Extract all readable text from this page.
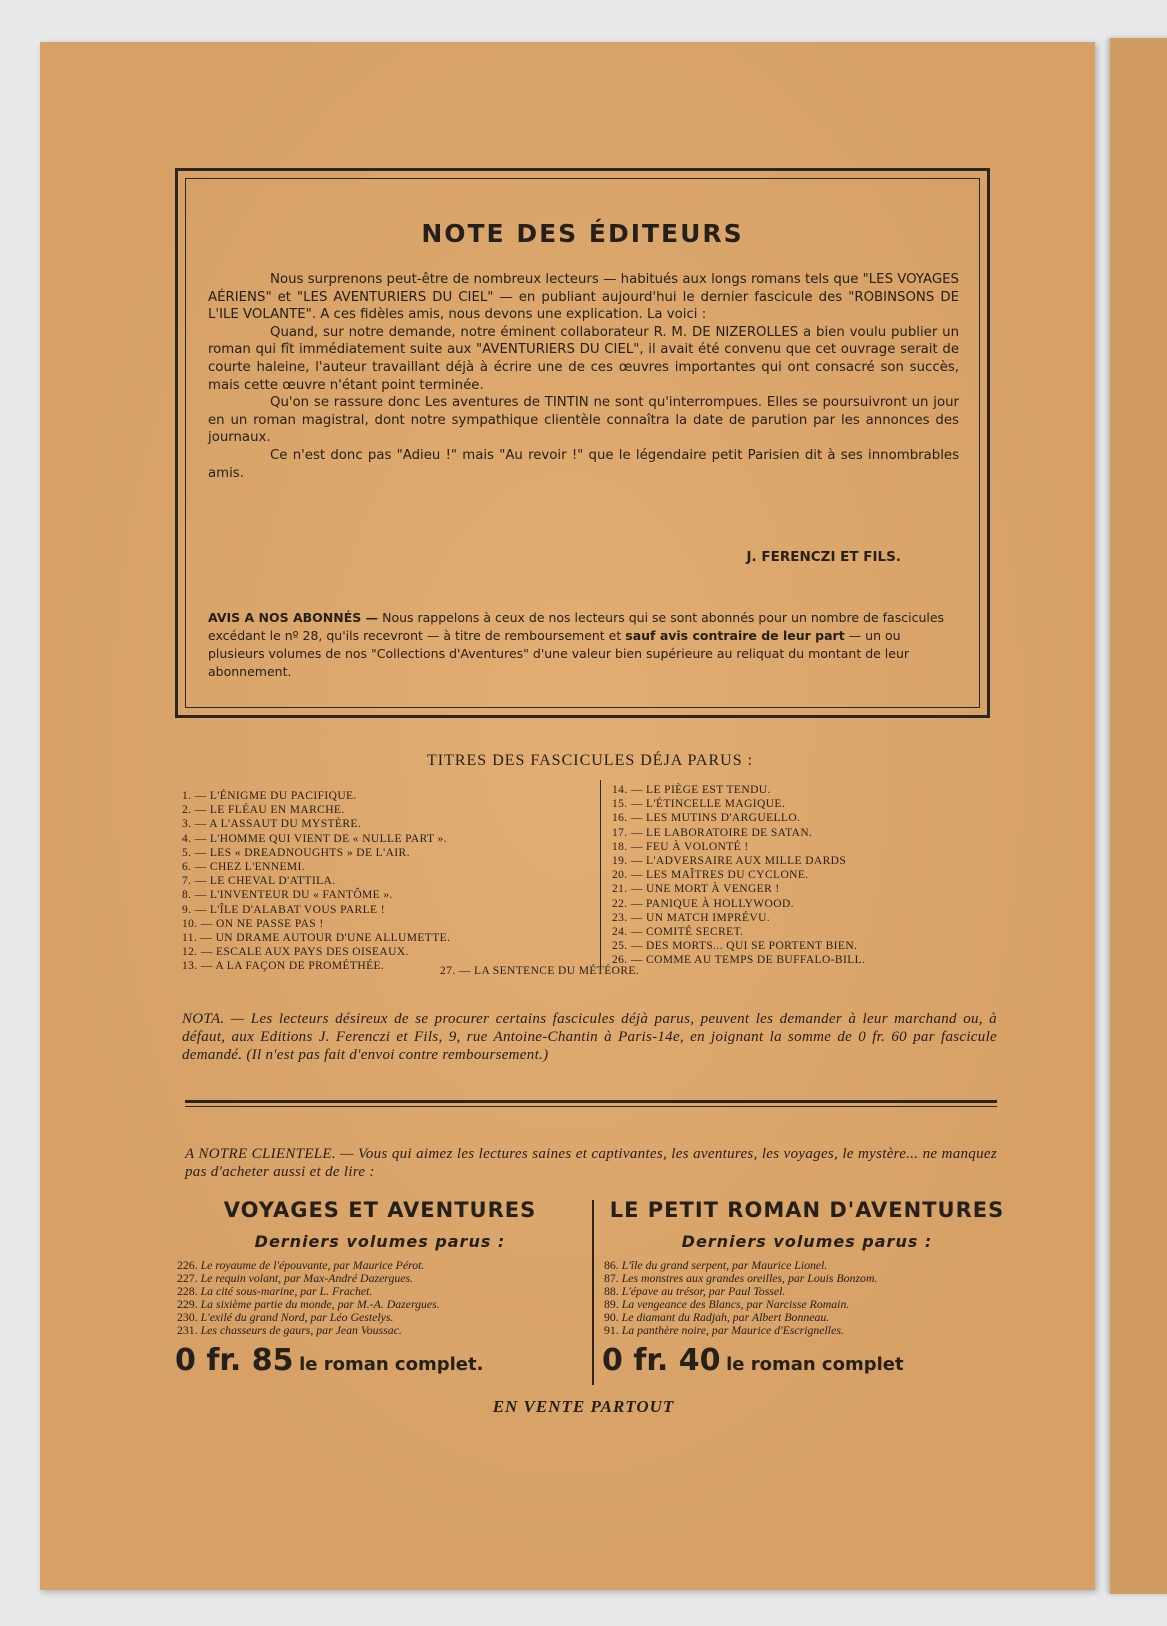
NOTE DES ÉDITEURS

Nous surprenons peut-être de nombreux lecteurs — habitués aux longs romans tels que "LES VOYAGES AÉRIENS" et "LES AVENTURIERS DU CIEL" — en publiant aujourd'hui le dernier fascicule des "ROBINSONS DE L'ILE VOLANTE". A ces fidèles amis, nous devons une explication. La voici :

Quand, sur notre demande, notre éminent collaborateur R. M. DE NIZEROLLES a bien voulu publier un roman qui fît immédiatement suite aux "AVENTURIERS DU CIEL", il avait été convenu que cet ouvrage serait de courte haleine, l'auteur travaillant déjà à écrire une de ces œuvres importantes qui ont consacré son succès, mais cette œuvre n'étant point terminée.

Qu'on se rassure donc Les aventures de TINTIN ne sont qu'interrompues. Elles se poursuivront un jour en un roman magistral, dont notre sympathique clientèle connaîtra la date de parution par les annonces des journaux.

Ce n'est donc pas "Adieu !" mais "Au revoir !" que le légendaire petit Parisien dit à ses innombrables amis.

J. FERENCZI ET FILS.
AVIS A NOS ABONNÉS — Nous rappelons à ceux de nos lecteurs qui se sont abonnés pour un nombre de fascicules excédant le nº 28, qu'ils recevront — à titre de remboursement et sauf avis contraire de leur part — un ou plusieurs volumes de nos "Collections d'Aventures" d'une valeur bien supérieure au reliquat du montant de leur abonnement.
TITRES DES FASCICULES DÉJA PARUS :
1. — L'ÉNIGME DU PACIFIQUE.
2. — LE FLÉAU EN MARCHE.
3. — A L'ASSAUT DU MYSTÈRE.
4. — L'HOMME QUI VIENT DE « NULLE PART ».
5. — LES « DREADNOUGHTS » DE L'AIR.
6. — CHEZ L'ENNEMI.
7. — LE CHEVAL D'ATTILA.
8. — L'INVENTEUR DU « FANTÔME ».
9. — L'ÎLE D'ALABAT VOUS PARLE !
10. — ON NE PASSE PAS !
11. — UN DRAME AUTOUR D'UNE ALLUMETTE.
12. — ESCALE AUX PAYS DES OISEAUX.
13. — A LA FAÇON DE PROMÉTHÉE.
14. — LE PIÈGE EST TENDU.
15. — L'ÉTINCELLE MAGIQUE.
16. — LES MUTINS D'ARGUELLO.
17. — LE LABORATOIRE DE SATAN.
18. — FEU À VOLONTÉ !
19. — L'ADVERSAIRE AUX MILLE DARDS
20. — LES MAÎTRES DU CYCLONE.
21. — UNE MORT À VENGER !
22. — PANIQUE À HOLLYWOOD.
23. — UN MATCH IMPRÉVU.
24. — COMITÉ SECRET.
25. — DES MORTS... QUI SE PORTENT BIEN.
26. — COMME AU TEMPS DE BUFFALO-BILL.
27. — LA SENTENCE DU MÉTÉORE.
NOTA. — Les lecteurs désireux de se procurer certains fascicules déjà parus, peuvent les demander à leur marchand ou, à défaut, aux Editions J. Ferenczi et Fils, 9, rue Antoine-Chantin à Paris-14e, en joignant la somme de 0 fr. 60 par fascicule demandé. (Il n'est pas fait d'envoi contre remboursement.)
A NOTRE CLIENTELE. — Vous qui aimez les lectures saines et captivantes, les aventures, les voyages, le mystère... ne manquez pas d'acheter aussi et de lire :
VOYAGES ET AVENTURES
Derniers volumes parus :
226. Le royaume de l'épouvante, par Maurice Pérot.
227. Le requin volant, par Max-André Dazergues.
228. La cité sous-marine, par L. Frachet.
229. La sixième partie du monde, par M.-A. Dazergues.
230. L'exilé du grand Nord, par Léo Gestelys.
231. Les chasseurs de gaurs, par Jean Voussac.
0 fr. 85 le roman complet.
LE PETIT ROMAN D'AVENTURES
Derniers volumes parus :
86. L'île du grand serpent, par Maurice Lionel.
87. Les monstres aux grandes oreilles, par Louis Bonzom.
88. L'épave au trésor, par Paul Tossel.
89. La vengeance des Blancs, par Narcisse Romain.
90. Le diamant du Radjah, par Albert Bonneau.
91. La panthère noire, par Maurice d'Escrignelles.
0 fr. 40 le roman complet
EN VENTE PARTOUT
